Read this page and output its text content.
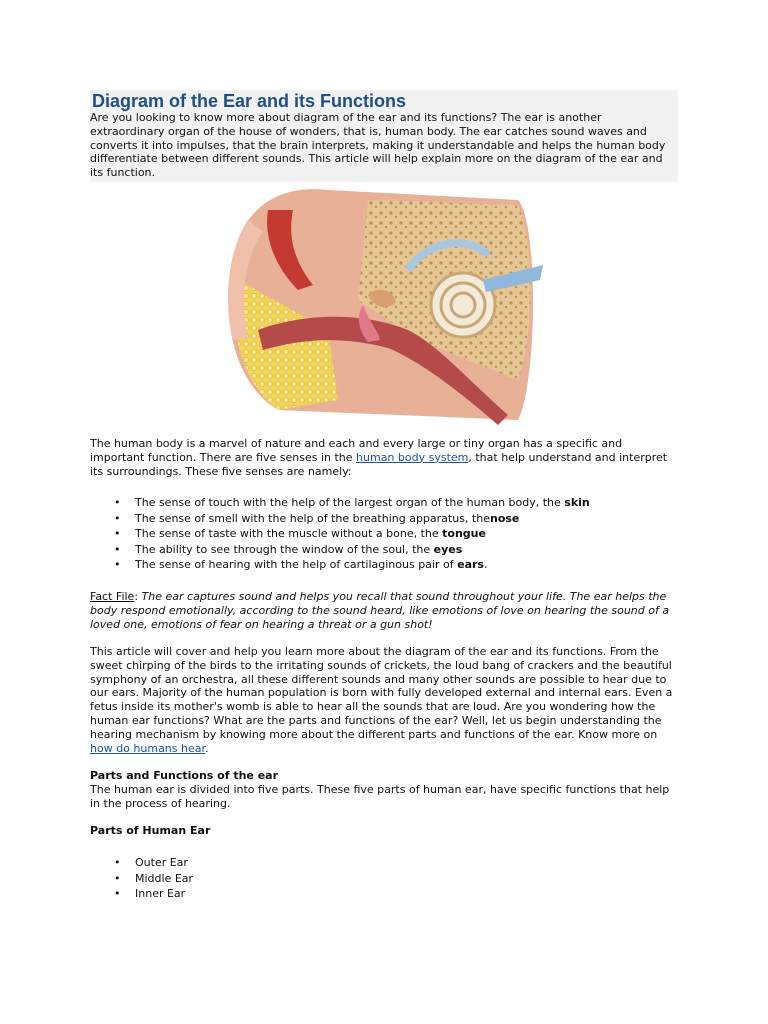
Diagram of the Ear and its Functions

Are you looking to know more about diagram of the ear and its functions? The ear is another extraordinary organ of the house of wonders, that is, human body. The ear catches sound waves and converts it into impulses, that the brain interprets, making it understandable and helps the human body differentiate between different sounds. This article will help explain more on the diagram of the ear and its function.

The human body is a marvel of nature and each and every large or tiny organ has a specific and important function. There are five senses in the human body system, that help understand and interpret its surroundings. These five senses are namely:

• The sense of touch with the help of the largest organ of the human body, the skin
• The sense of smell with the help of the breathing apparatus, thenose
• The sense of taste with the muscle without a bone, the tongue
• The ability to see through the window of the soul, the eyes
• The sense of hearing with the help of cartilaginous pair of ears.

Fact File: The ear captures sound and helps you recall that sound throughout your life. The ear helps the body respond emotionally, according to the sound heard, like emotions of love on hearing the sound of a loved one, emotions of fear on hearing a threat or a gun shot!

This article will cover and help you learn more about the diagram of the ear and its functions. From the sweet chirping of the birds to the irritating sounds of crickets, the loud bang of crackers and the beautiful symphony of an orchestra, all these different sounds and many other sounds are possible to hear due to our ears. Majority of the human population is born with fully developed external and internal ears. Even a fetus inside its mother's womb is able to hear all the sounds that are loud. Are you wondering how the human ear functions? What are the parts and functions of the ear? Well, let us begin understanding the hearing mechanism by knowing more about the different parts and functions of the ear. Know more on how do humans hear.

Parts and Functions of the ear

The human ear is divided into five parts. These five parts of human ear, have specific functions that help in the process of hearing.

Parts of Human Ear
• Outer Ear
• Middle Ear
• Inner Ear
